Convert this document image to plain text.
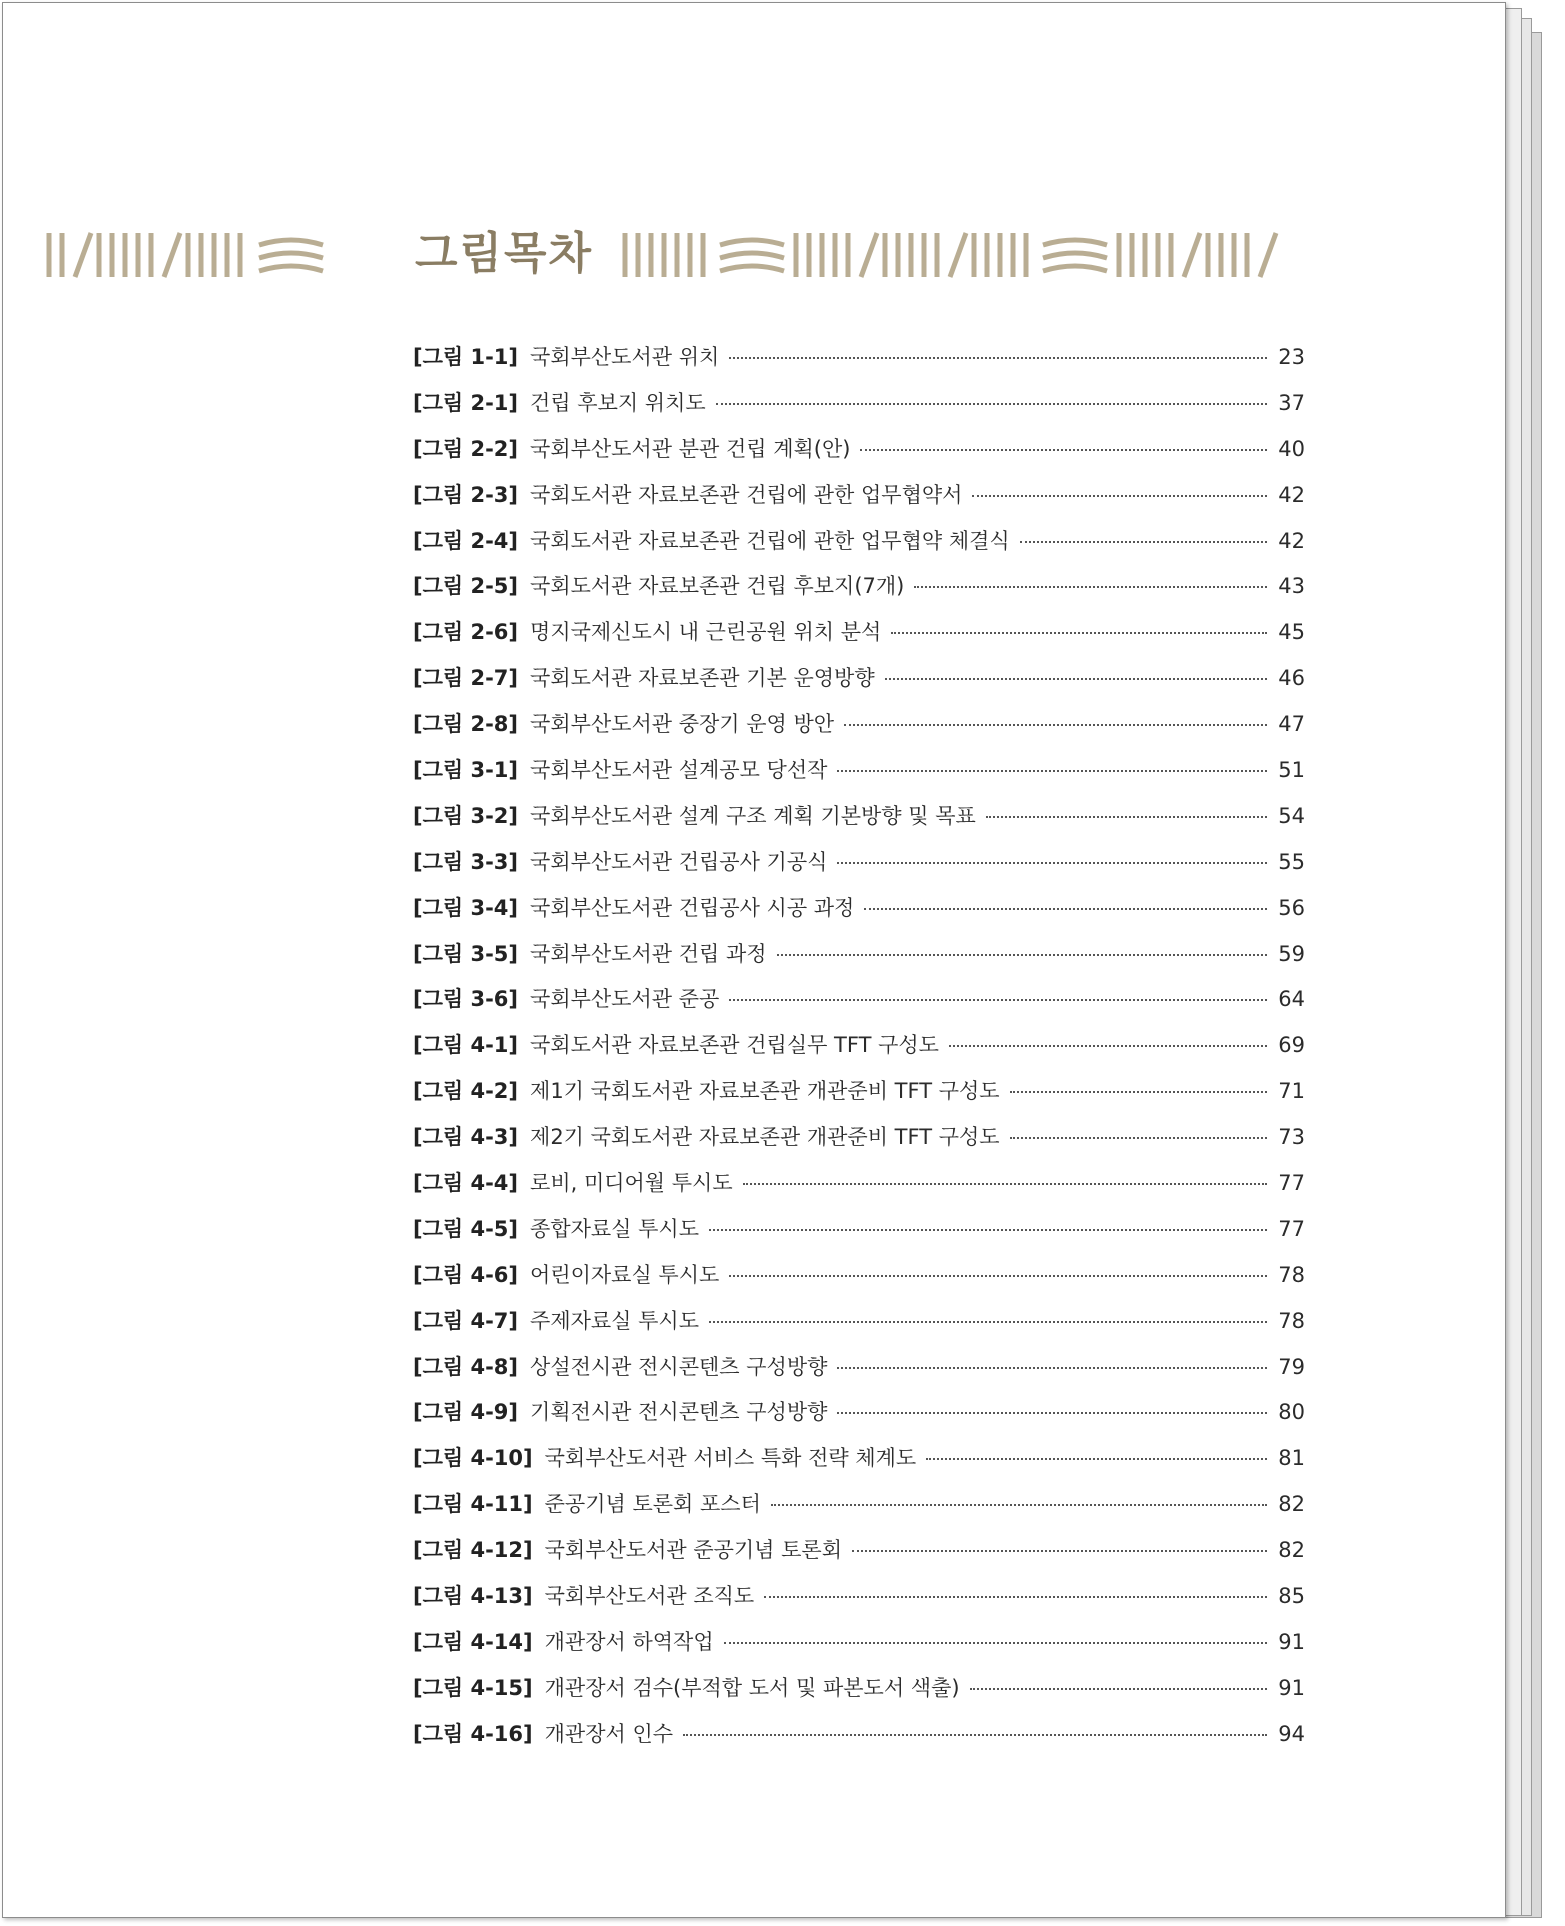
그림목차
[그림 1-1] 국회부산도서관 위치	23
[그림 2-1] 건립 후보지 위치도	37
[그림 2-2] 국회부산도서관 분관 건립 계획(안)	40
[그림 2-3] 국회도서관 자료보존관 건립에 관한 업무협약서	42
[그림 2-4] 국회도서관 자료보존관 건립에 관한 업무협약 체결식	42
[그림 2-5] 국회도서관 자료보존관 건립 후보지(7개)	43
[그림 2-6] 명지국제신도시 내 근린공원 위치 분석	45
[그림 2-7] 국회도서관 자료보존관 기본 운영방향	46
[그림 2-8] 국회부산도서관 중장기 운영 방안	47
[그림 3-1] 국회부산도서관 설계공모 당선작	51
[그림 3-2] 국회부산도서관 설계 구조 계획 기본방향 및 목표	54
[그림 3-3] 국회부산도서관 건립공사 기공식	55
[그림 3-4] 국회부산도서관 건립공사 시공 과정	56
[그림 3-5] 국회부산도서관 건립 과정	59
[그림 3-6] 국회부산도서관 준공	64
[그림 4-1] 국회도서관 자료보존관 건립실무 TFT 구성도	69
[그림 4-2] 제1기 국회도서관 자료보존관 개관준비 TFT 구성도	71
[그림 4-3] 제2기 국회도서관 자료보존관 개관준비 TFT 구성도	73
[그림 4-4] 로비, 미디어월 투시도	77
[그림 4-5] 종합자료실 투시도	77
[그림 4-6] 어린이자료실 투시도	78
[그림 4-7] 주제자료실 투시도	78
[그림 4-8] 상설전시관 전시콘텐츠 구성방향	79
[그림 4-9] 기획전시관 전시콘텐츠 구성방향	80
[그림 4-10] 국회부산도서관 서비스 특화 전략 체계도	81
[그림 4-11] 준공기념 토론회 포스터	82
[그림 4-12] 국회부산도서관 준공기념 토론회	82
[그림 4-13] 국회부산도서관 조직도	85
[그림 4-14] 개관장서 하역작업	91
[그림 4-15] 개관장서 검수(부적합 도서 및 파본도서 색출)	91
[그림 4-16] 개관장서 인수	94
